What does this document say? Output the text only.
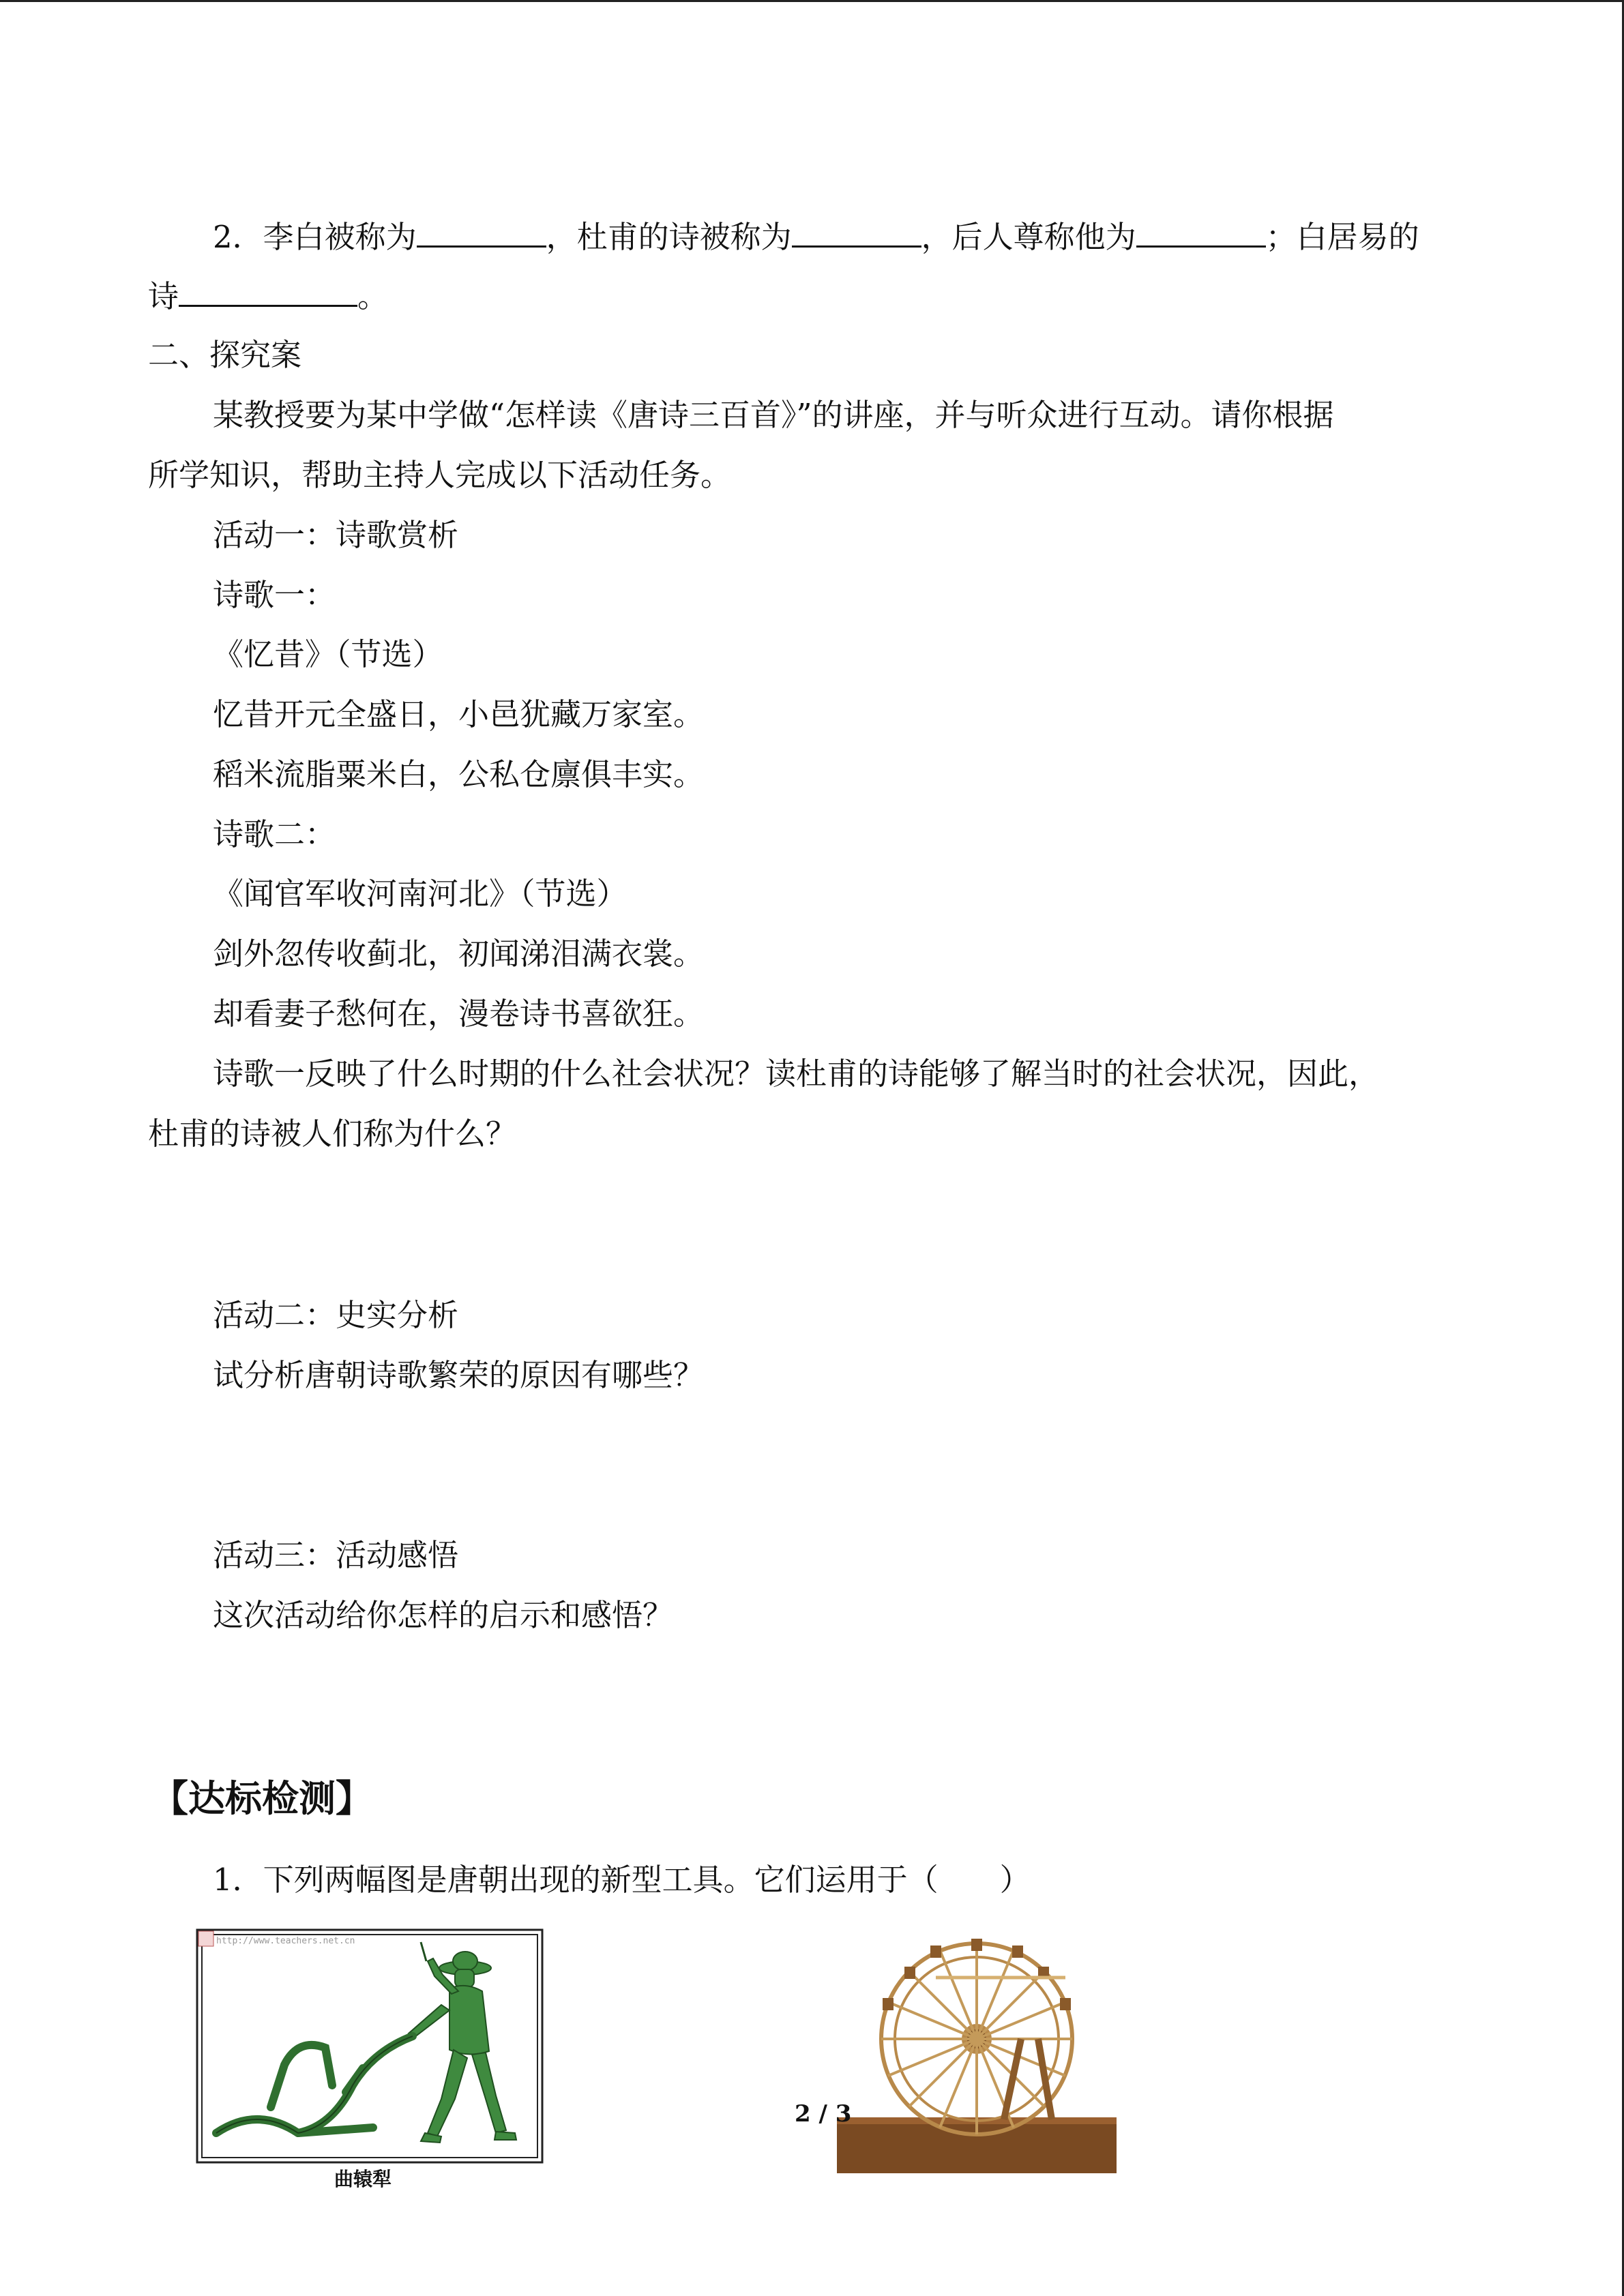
2．李白被称为	，杜甫的诗被称为	，后人尊称他为	；白居易的
诗	。
二、探究案
某教授要为某中学做“怎样读《唐诗三百首》”的讲座，并与听众进行互动。请你根据
所学知识，帮助主持人完成以下活动任务。
活动一：诗歌赏析
诗歌一：
《忆昔》（节选）
忆昔开元全盛日，小邑犹藏万家室。
稻米流脂粟米白，公私仓廪俱丰实。
诗歌二：
《闻官军收河南河北》（节选）
剑外忽传收蓟北，初闻涕泪满衣裳。
却看妻子愁何在，漫卷诗书喜欲狂。
诗歌一反映了什么时期的什么社会状况？读杜甫的诗能够了解当时的社会状况，因此，
杜甫的诗被人们称为什么？
活动二：史实分析
试分析唐朝诗歌繁荣的原因有哪些？
活动三：活动感悟
这次活动给你怎样的启示和感悟？
【达标检测】
1．下列两幅图是唐朝出现的新型工具。它们运用于（　　）
http://www.teachers.net.cn
曲辕犁
2 / 3
